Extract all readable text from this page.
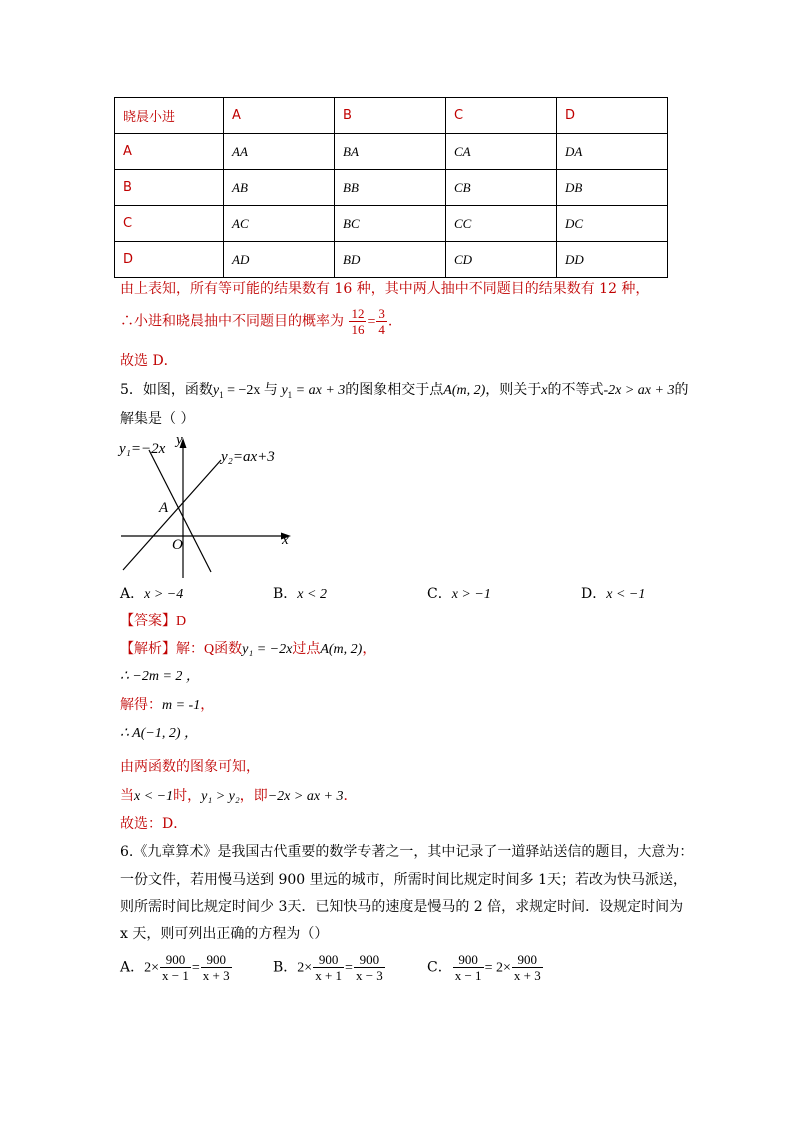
晓晨小进	A	B	C	D
A	AA	BA	CA	DA
B	AB	BB	CB	DB
C	AC	BC	CC	DC
D	AD	BD	CD	DD
由上表知，所有等可能的结果数有 16 种，其中两人抽中不同题目的结果数有 12 种，
∴小进和晓晨抽中不同题目的概率为 $\frac{12}{16} = \frac{3}{4}$ .
故选 D．
5．如图，函数$y_1 = -2x$ 与 $y_1$ = ax + 3的图象相交于点A(m, 2)，则关于x的不等式-2x > ax + 3的
解集是（ ）
y₁=−2x	y₂=ax+3
y
x
O
A
A．x > −4	B．x < 2	C．x > −1	D．x < −1
【答案】D
【解析】解：Q函数y₁ = −2x过点A(m, 2)，
∴ −2m = 2 ，
解得：m = -1，
∴ A(−1, 2) ，
由两函数的图象可知，
当x < −1时，y₁ > y₂，即−2x > ax + 3．
故选：D．
6.《九章算术》是我国古代重要的数学专著之一，其中记录了一道驿站送信的题目，大意为：
一份文件，若用慢马送到 900 里远的城市，所需时间比规定时间多 1天；若改为快马派送，
则所需时间比规定时间少 3天．已知快马的速度是慢马的 2 倍，求规定时间．设规定时间为
x 天，则可列出正确的方程为（）
A．$2\times \frac{900}{x - 1} = \frac{900}{x + 3}$	B．$2\times \frac{900}{x + 1} = \frac{900}{x - 3}$	C． $\frac{900}{x - 1} = 2\times \frac{900}{x + 3}$
